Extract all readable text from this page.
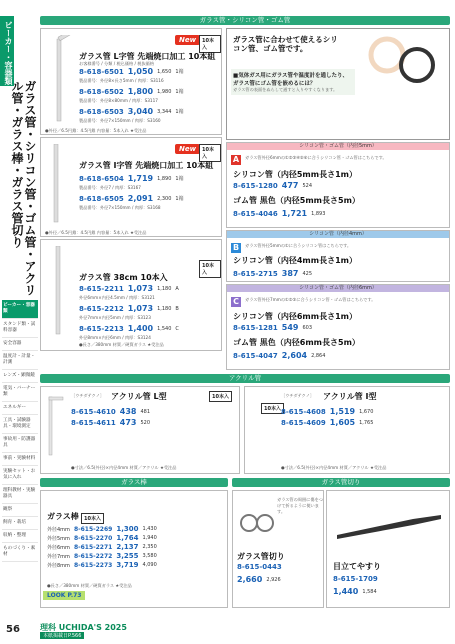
ビーカー・容器類
ガラス管・シリコン管・ゴム管・アクリル管・ガラス棒・ガラス管切り
ビーカー・容器類
スタンド類・試料容器
安全容器
温度計・計量・計測
レンズ・顕微鏡
電気・バーナー類
エネルギー
工具・試験器具・環境測定
事故用・防護器具
事前・実験材料
実験セット・お気に入れ
理科教材・実験器具
観察
飼育・栽培
収納・整理
ものづくり・素材
ガラス管・シリコン管・ゴム管
New	10本入
ガラス管 L字管 先端焼口加工 10本組
お客様番号 / 分類 / 税込価格 / 税抜価格
8-618-6501 1,050 1,650 1箱
製品番号：外径8×長さ5mm / 肉厚：S3116
8-618-6502 1,800 1,980 1箱
製品番号：外径8×80mm / 肉厚：S3117
8-618-6503 3,040 3,344 1箱
製品番号：外径7×150mm / 肉厚：S3160
●外径／6.5円錐：4.5円錐 内容量：5本入れ ★受注品
New	10本入
ガラス管 Ⅰ字管 先端焼口加工 10本組
8-618-6504 1,719 1,890 1箱
製品番号：外径7 / 肉厚：S3167
8-618-6505 2,091 2,300 1箱
製品番号：外径7×150mm / 肉厚：S3168
●外径／6.5円錐：4.5円錐 内容量：5本入れ ★受注品
10本入
ガラス管 38cm 10本入
8-615-2211 1,073 1,180 A
外径6mm×内径4.5mm / 肉厚：S3121
8-615-2212 1,073 1,180 B
外径7mm×内径5mm / 肉厚：S3123
8-615-2213 1,400 1,540 C
外径8mm×内径6mm / 肉厚：S3124
●長さ／380mm 材質／硬質ガラス ★受注品
ガラス管に合わせて使えるシリコン管、ゴム管です。
■気体ガス用にガラス管や温度計を通したり、ガラス管にゴム管を嵌めるには？
ガラス管の表面をぬらして通すと入りやすくなります。
シリコン管・ゴム管（内径5mm）
A	ガラス管外径6mmの①②③④⑤⑥に合うシリコン管・ゴム管はこちらです。
シリコン管（内径5mm長さ1m）
8-615-1280 477 524
ゴム管 黒色（内径5mm長さ5m）
8-615-4046 1,721 1,893
シリコン管（内径4mm）
B	ガラス管外径5mmの①に合うシリコン管はこちらです。
シリコン管（内径4mm長さ1m）
8-615-2715 387 425
シリコン管・ゴム管（内径6mm）
C	ガラス管外径7mmの①②③に合うシリコン管・ゴム管はこちらです。
シリコン管（内径6mm長さ1m）
8-615-1281 549 603
ゴム管 黒色（内径6mm長さ5m）
8-615-4047 2,604 2,864
アクリル管
［ウチダテクノ］ アクリル管 L型	10本入
8-615-4610 438 481
8-615-4611 473 520
●寸法／6.5(外径)×内径4mm 材質／アクリル ★受注品
［ウチダテクノ］ アクリル管 Ⅰ型
10本入 8-615-4608 1,519 1,670
8-615-4609 1,605 1,765
●寸法／6.5(外径)×内径4mm 材質／アクリル ★受注品
ガラス棒
ガラス棒	10本入
外径4mm 8-615-2269 1,300 1,430
外径5mm 8-615-2270 1,764 1,940
外径6mm 8-615-2271 2,137 2,350
外径7mm 8-615-2272 3,255 3,580
外径8mm 8-615-2273 3,719 4,090
●長さ／380mm 材質／硬質ガラス ★受注品
LOOK P.73
ガラス管切り
ガラス管の周囲に傷をつけて折るように使います。
ガラス管切り
8-615-0443
2,660 2,926
目立てやすり
8-615-1709
1,440 1,584
56	理科 UCHIDA'S 2025
本紙掲載日P.566
